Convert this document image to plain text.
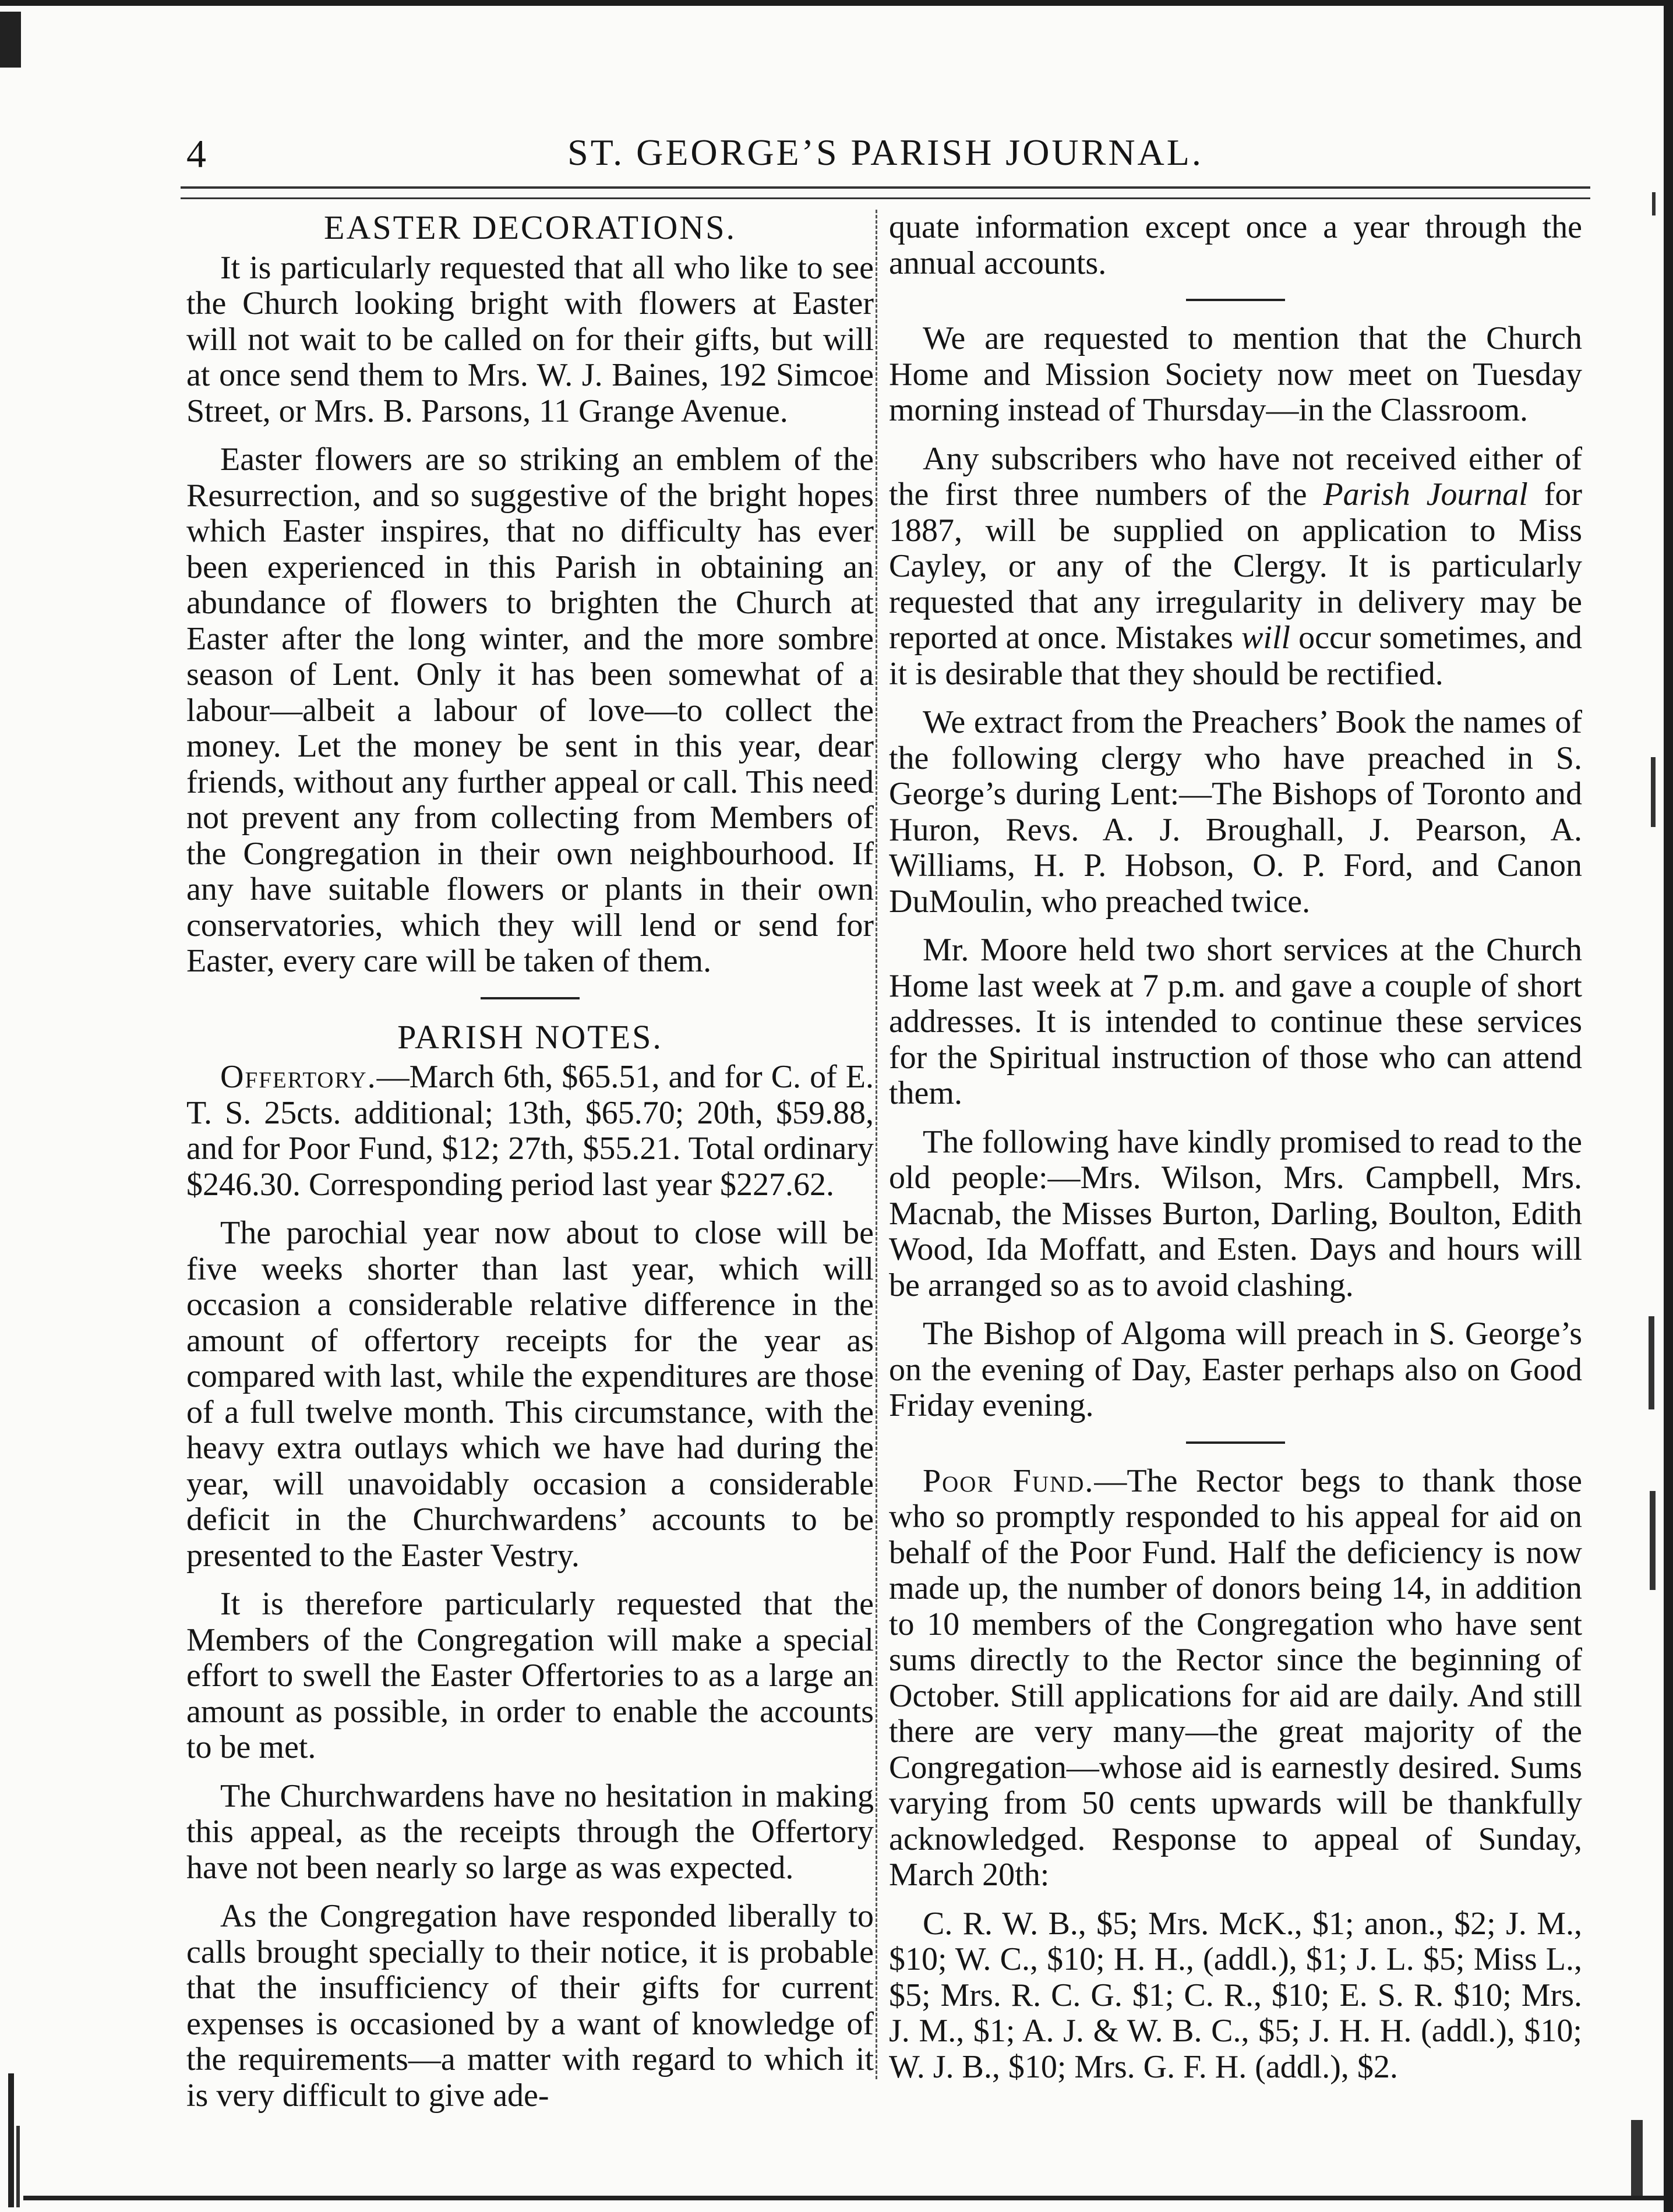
4	ST. GEORGE’S PARISH JOURNAL.
EASTER DECORATIONS.

It is particularly requested that all who like to see the Church looking bright with flowers at Easter will not wait to be called on for their gifts, but will at once send them to Mrs. W. J. Baines, 192 Simcoe Street, or Mrs. B. Parsons, 11 Grange Avenue.

Easter flowers are so striking an emblem of the Resurrection, and so suggestive of the bright hopes which Easter inspires, that no difficulty has ever been experienced in this Parish in obtaining an abundance of flowers to brighten the Church at Easter after the long winter, and the more sombre season of Lent. Only it has been somewhat of a labour—albeit a labour of love—to collect the money. Let the money be sent in this year, dear friends, without any further appeal or call. This need not prevent any from collecting from Members of the Congregation in their own neighbourhood. If any have suitable flowers or plants in their own conservatories, which they will lend or send for Easter, every care will be taken of them.

PARISH NOTES.

Offertory.—March 6th, $65.51, and for C. of E. T. S. 25cts. additional; 13th, $65.70; 20th, $59.88, and for Poor Fund, $12; 27th, $55.21. Total ordinary $246.30. Corresponding period last year $227.62.

The parochial year now about to close will be five weeks shorter than last year, which will occasion a considerable relative difference in the amount of offertory receipts for the year as compared with last, while the expenditures are those of a full twelve month. This circumstance, with the heavy extra outlays which we have had during the year, will unavoidably occasion a considerable deficit in the Churchwardens’ accounts to be presented to the Easter Vestry.

It is therefore particularly requested that the Members of the Congregation will make a special effort to swell the Easter Offertories to as a large an amount as possible, in order to enable the accounts to be met.

The Churchwardens have no hesitation in making this appeal, as the receipts through the Offertory have not been nearly so large as was expected.

As the Congregation have responded liberally to calls brought specially to their notice, it is probable that the insufficiency of their gifts for current expenses is occasioned by a want of knowledge of the requirements—a matter with regard to which it is very difficult to give ade-

quate information except once a year through the annual accounts.

We are requested to mention that the Church Home and Mission Society now meet on Tuesday morning instead of Thursday—in the Classroom.

Any subscribers who have not received either of the first three numbers of the Parish Journal for 1887, will be supplied on application to Miss Cayley, or any of the Clergy. It is particularly requested that any irregularity in delivery may be reported at once. Mistakes will occur sometimes, and it is desirable that they should be rectified.

We extract from the Preachers’ Book the names of the following clergy who have preached in S. George’s during Lent:—The Bishops of Toronto and Huron, Revs. A. J. Broughall, J. Pearson, A. Williams, H. P. Hobson, O. P. Ford, and Canon DuMoulin, who preached twice.

Mr. Moore held two short services at the Church Home last week at 7 p.m. and gave a couple of short addresses. It is intended to continue these services for the Spiritual instruction of those who can attend them.

The following have kindly promised to read to the old people:—Mrs. Wilson, Mrs. Campbell, Mrs. Macnab, the Misses Burton, Darling, Boulton, Edith Wood, Ida Moffatt, and Esten. Days and hours will be arranged so as to avoid clashing.

The Bishop of Algoma will preach in S. George’s on the evening of Day, Easter perhaps also on Good Friday evening.

Poor Fund.—The Rector begs to thank those who so promptly responded to his appeal for aid on behalf of the Poor Fund. Half the deficiency is now made up, the number of donors being 14, in addition to 10 members of the Congregation who have sent sums directly to the Rector since the beginning of October. Still applications for aid are daily. And still there are very many—the great majority of the Congregation—whose aid is earnestly desired. Sums varying from 50 cents upwards will be thankfully acknowledged. Response to appeal of Sunday, March 20th:

C. R. W. B., $5; Mrs. McK., $1; anon., $2; J. M., $10; W. C., $10; H. H., (addl.), $1; J. L. $5; Miss L., $5; Mrs. R. C. G. $1; C. R., $10; E. S. R. $10; Mrs. J. M., $1; A. J. & W. B. C., $5; J. H. H. (addl.), $10; W. J. B., $10; Mrs. G. F. H. (addl.), $2.
